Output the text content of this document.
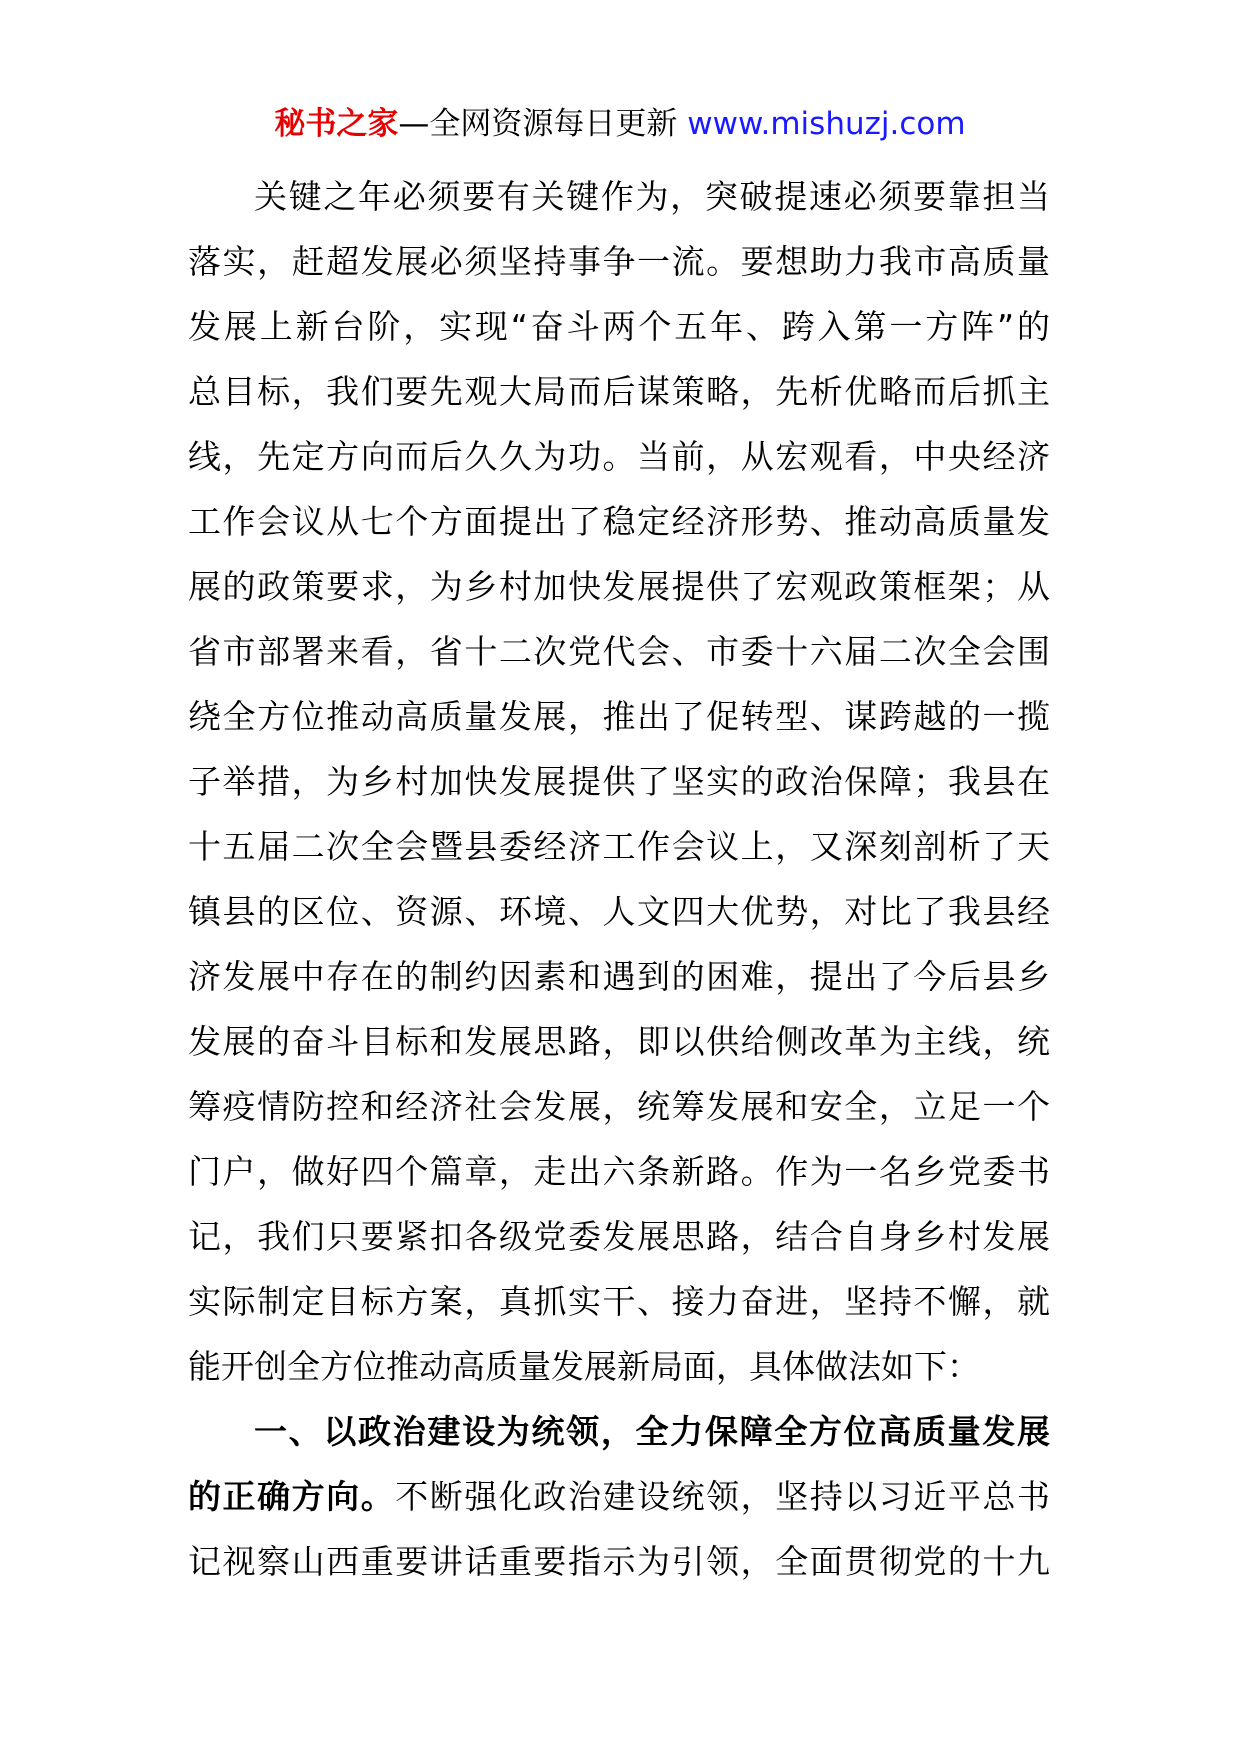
秘书之家—全网资源每日更新 www.mishuzj.com
关键之年必须要有关键作为，突破提速必须要靠担当
落实，赶超发展必须坚持事争一流。要想助力我市高质量
发展上新台阶，实现“奋斗两个五年、跨入第一方阵”的
总目标，我们要先观大局而后谋策略，先析优略而后抓主
线，先定方向而后久久为功。当前，从宏观看，中央经济
工作会议从七个方面提出了稳定经济形势、推动高质量发
展的政策要求，为乡村加快发展提供了宏观政策框架；从
省市部署来看，省十二次党代会、市委十六届二次全会围
绕全方位推动高质量发展，推出了促转型、谋跨越的一揽
子举措，为乡村加快发展提供了坚实的政治保障；我县在
十五届二次全会暨县委经济工作会议上，又深刻剖析了天
镇县的区位、资源、环境、人文四大优势，对比了我县经
济发展中存在的制约因素和遇到的困难，提出了今后县乡
发展的奋斗目标和发展思路，即以供给侧改革为主线，统
筹疫情防控和经济社会发展，统筹发展和安全，立足一个
门户，做好四个篇章，走出六条新路。作为一名乡党委书
记，我们只要紧扣各级党委发展思路，结合自身乡村发展
实际制定目标方案，真抓实干、接力奋进，坚持不懈，就
能开创全方位推动高质量发展新局面，具体做法如下：
一、以政治建设为统领，全力保障全方位高质量发展
的正确方向。不断强化政治建设统领，坚持以习近平总书
记视察山西重要讲话重要指示为引领，全面贯彻党的十九
